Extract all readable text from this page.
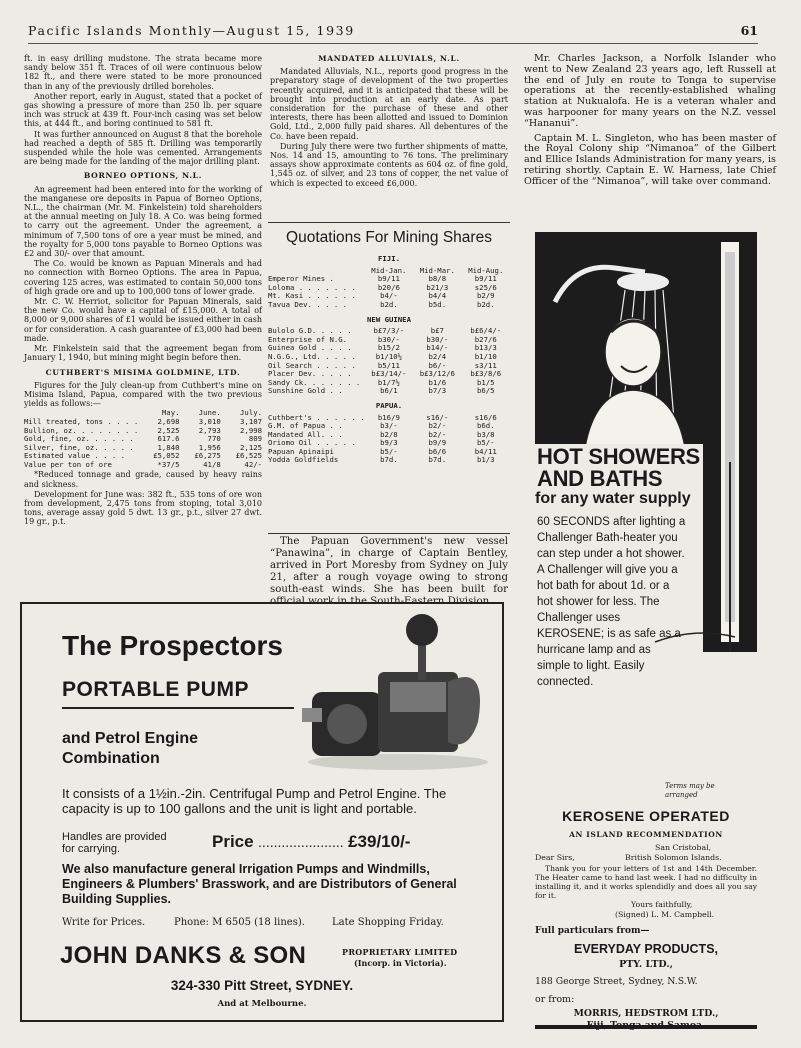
Pacific Islands Monthly—August 15, 1939	61

ft. in easy drilling mudstone. The strata became more sandy below 351 ft. Traces of oil were continuous below 182 ft., and there were stated to be more pronounced than in any of the previously drilled boreholes.

Another report, early in August, stated that a pocket of gas showing a pressure of more than 250 lb. per square inch was struck at 439 ft. Four-inch casing was set below this, at 444 ft., and boring continued to 581 ft.

It was further announced on August 8 that the borehole had reached a depth of 585 ft. Drilling was temporarily suspended while the hole was cemented. Arrangements are being made for the landing of the major drilling plant.

BORNEO OPTIONS, N.L.

An agreement had been entered into for the working of the manganese ore deposits in Papua of Borneo Options, N.L., the chairman (Mr. M. Finkelstein) told shareholders at the annual meeting on July 18. A Co. was being formed to carry out the agreement. Under the agreement, a minimum of 7,500 tons of ore a year must be mined, and the royalty for 5,000 tons payable to Borneo Options was £2 and 30/- over that amount.

The Co. would be known as Papuan Minerals and had no connection with Borneo Options. The area in Papua, covering 125 acres, was estimated to contain 50,000 tons of high grade ore and up to 100,000 tons of lower grade.

Mr. C. W. Herriot, solicitor for Papuan Minerals, said the new Co. would have a capital of £15,000. A total of 8,000 or 9,000 shares of £1 would be issued either in cash or for consideration. A cash guarantee of £3,000 had been made.

Mr. Finkelstein said that the agreement began from January 1, 1940, but mining might begin before then.

CUTHBERT'S MISIMA GOLDMINE, LTD.

Figures for the July clean-up from Cuthbert's mine on Misima Island, Papua, compared with the two previous yields as follows:—

	May.	June.	July.
Mill treated, tons . . . .	2,698	3,010	3,107
Bullion, oz. . . . . . . .	2,525	2,793	2,998
Gold, fine, oz. . . . . .	617.6	770	809
Silver, fine, oz. . . . .	1,840	1,956	2,125
Estimated value . . . .	£5,052	£6,275	£6,525
Value per ton of ore	*37/5	41/8	42/-

*Reduced tonnage and grade, caused by heavy rains and sickness.

Development for June was: 382 ft., 535 tons of ore won from development, 2,475 tons from stoping, total 3,010 tons, average assay gold 5 dwt. 13 gr., p.t., silver 27 dwt. 19 gr., p.t.

MANDATED ALLUVIALS, N.L.

Mandated Alluvials, N.L., reports good progress in the preparatory stage of development of the two properties recently acquired, and it is anticipated that these will be brought into production at an early date. As part consideration for the purchase of these and other interests, there has been allotted and issued to Dominion Gold, Ltd., 2,000 fully paid shares. All debentures of the Co. have been repaid.

During July there were two further shipments of matte, Nos. 14 and 15, amounting to 76 tons. The preliminary assays show approximate contents as 604 oz. of fine gold, 1,545 oz. of silver, and 23 tons of copper, the net value of which is expected to exceed £6,000.

Quotations For Mining Shares
FIJI.			
	Mid-Jan.	Mid-Mar.	Mid-Aug.
Emperor Mines .	b9/11	b8/8	b9/11
Loloma . . . . . . .	b20/6	b21/3	s25/6
Mt. Kasi . . . . . .	b4/-	b4/4	b2/9
Tavua Dev. . . . .	b2d.	b5d.	b2d.
NEW GUINEA			
Bulolo G.D. . . . .	b£7/3/-	b£7	b£6/4/-
Enterprise of N.G.	b30/-	b30/-	b27/6
Guinea Gold . . . .	b15/2	b14/-	b13/3
N.G.G., Ltd. . . . .	b1/10½	b2/4	b1/10
Oil Search . . . . .	b5/11	b6/-	s3/11
Placer Dev. . . . .	b£3/14/-	b£3/12/6	b£3/8/6
Sandy Ck. . . . . . .	b1/7½	b1/6	b1/5
Sunshine Gold . .	b6/1	b7/3	b6/5
PAPUA.			
Cuthbert's . . . . . .	b16/9	s16/-	s16/6
G.M. of Papua . .	b3/-	b2/-	b6d.
Mandated All. . .	b2/8	b2/-	b3/8
Oriomo Oil . . . . .	b9/3	b9/9	b5/-
Papuan Apinaipi	b5/-	b6/6	b4/11
Yodda Goldfields	b7d.	b7d.	b1/3
The Papuan Government's new vessel “Panawina”, in charge of Captain Bentley, arrived in Port Moresby from Sydney on July 21, after a rough voyage owing to strong south-east winds. She has been built for official work in the South-Eastern Division.

Mr. Charles Jackson, a Norfolk Islander who went to New Zealand 23 years ago, left Russell at the end of July en route to Tonga to supervise operations at the recently-established whaling station at Nukualofa. He is a veteran whaler and was harpooner for many years on the N.Z. vessel “Hananui”.

Captain M. L. Singleton, who has been master of the Royal Colony ship “Nimanoa” of the Gilbert and Ellice Islands Administration for many years, is retiring shortly. Captain E. W. Harness, late Chief Officer of the “Nimanoa”, will take over command.

HOT SHOWERS
AND BATHS
for any water supply
60 SECONDS after lighting a Challenger Bath-heater you can step under a hot shower. A Challenger will give you a hot bath for about 1d. or a hot shower for less. The Challenger uses KEROSENE; is as safe as a hurricane lamp and as simple to light. Easily connected.
Terms may be arranged
KEROSENE OPERATED
AN ISLAND RECOMMENDATION
San Cristobal,
Dear Sirs,	British Solomon Islands.
Thank you for your letters of 1st and 14th December. The Heater came to hand last week. I had no difficulty in installing it, and it works splendidly and does all you say for it.
Yours faithfully,
(Signed) L. M. Campbell.
Full particulars from—
EVERYDAY PRODUCTS,
PTY. LTD.,
188 George Street, Sydney, N.S.W.
or from:
MORRIS, HEDSTROM LTD.,
The Prospectors
PORTABLE PUMP
and Petrol Engine
Combination
It consists of a 1½in.-2in. Centrifugal Pump and Petrol Engine. The capacity is up to 100 gallons and the unit is light and portable.
Handles are provided for carrying.	Price ...................... £39/10/-
We also manufacture general Irrigation Pumps and Windmills, Engineers & Plumbers' Brasswork, and are Distributors of General Building Supplies.
Write for Prices.	Phone: M 6505 (18 lines).	Late Shopping Friday.
JOHN DANKS & SON	PROPRIETARY LIMITED
(Incorp. in Victoria).
324-330 Pitt Street, SYDNEY.
And at Melbourne.
